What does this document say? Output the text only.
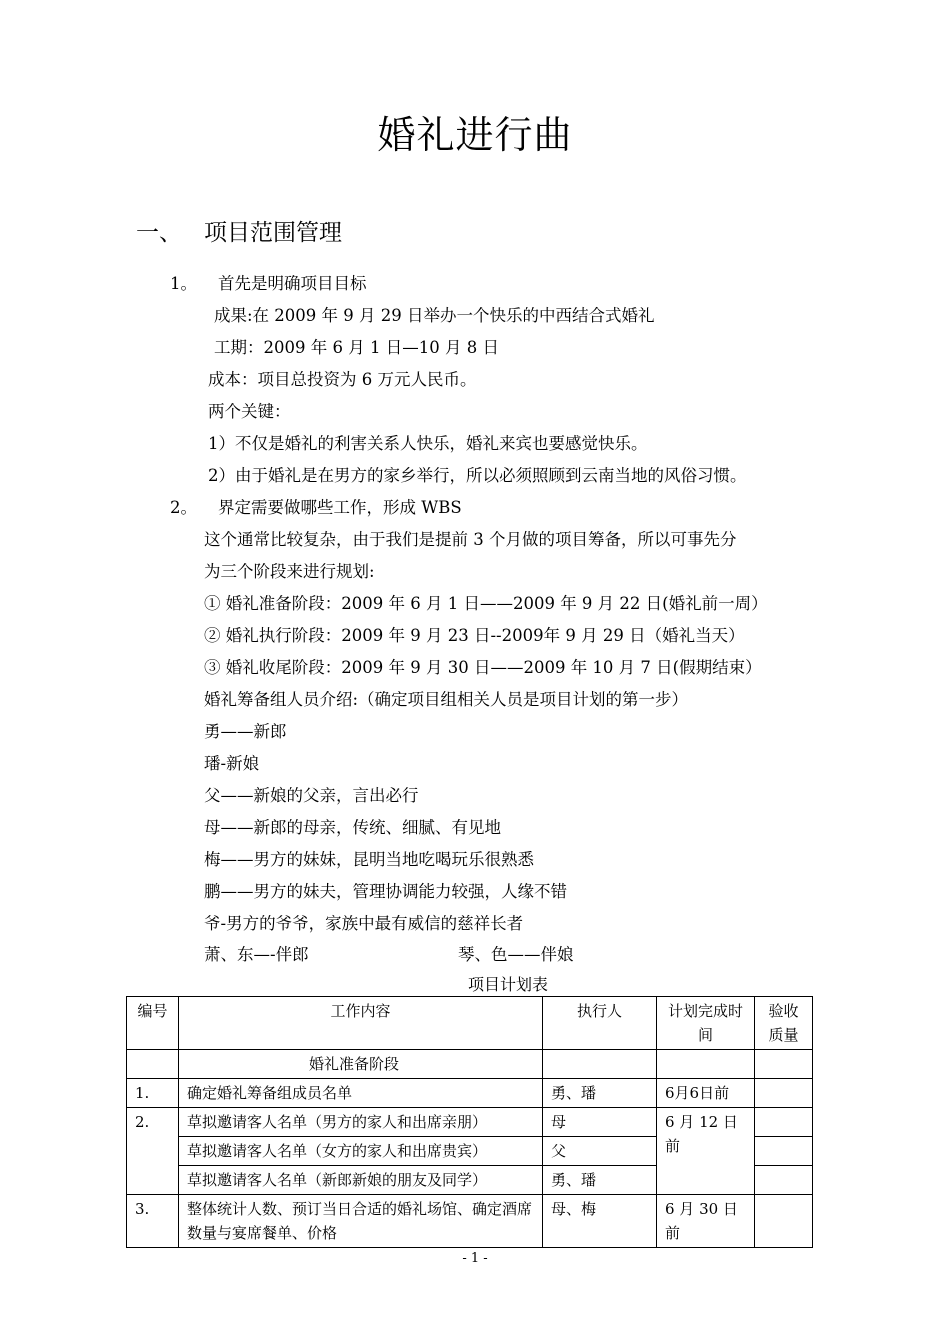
婚礼进行曲
一、 项目范围管理
1。 首先是明确项目目标
成果:在 2009 年 9 月 29 日举办一个快乐的中西结合式婚礼
工期：2009 年 6 月 1 日—10 月 8 日
成本：项目总投资为 6 万元人民币。
两个关键：
1）不仅是婚礼的利害关系人快乐，婚礼来宾也要感觉快乐。
2）由于婚礼是在男方的家乡举行，所以必须照顾到云南当地的风俗习惯。
2。 界定需要做哪些工作，形成 WBS
这个通常比较复杂，由于我们是提前 3 个月做的项目筹备，所以可事先分
为三个阶段来进行规划:
① 婚礼准备阶段：2009 年 6 月 1 日——2009 年 9 月 22 日(婚礼前一周）
② 婚礼执行阶段：2009 年 9 月 23 日--2009年 9 月 29 日（婚礼当天）
③ 婚礼收尾阶段：2009 年 9 月 30 日——2009 年 10 月 7 日(假期结束）
婚礼筹备组人员介绍:（确定项目组相关人员是项目计划的第一步）
勇——新郎
璠-新娘
父——新娘的父亲，言出必行
母——新郎的母亲，传统、细腻、有见地
梅——男方的妹妹，昆明当地吃喝玩乐很熟悉
鹏——男方的妹夫，管理协调能力较强，人缘不错
爷-男方的爷爷，家族中最有威信的慈祥长者
萧、东—-伴郎	琴、色——伴娘
项目计划表
编号	工作内容	执行人	计划完成时间	验收质量
	婚礼准备阶段			
1.	确定婚礼筹备组成员名单	勇、璠	6月6日前	
2.	草拟邀请客人名单（男方的家人和出席亲朋）	母	6 月 12 日前	
	草拟邀请客人名单（女方的家人和出席贵宾）	父		
	草拟邀请客人名单（新郎新娘的朋友及同学）	勇、璠		
3.	整体统计人数、预订当日合适的婚礼场馆、确定酒席数量与宴席餐单、价格	母、梅	6 月 30 日前	
- 1 -
